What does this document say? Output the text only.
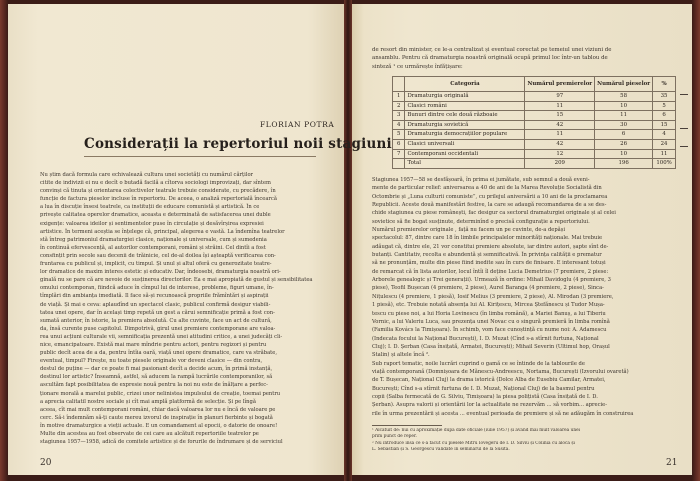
FLORIAN POTRA
Considerații la repertoriul noii stagiuni
Nu știm dacă formula care echivalează cultura unei societăți cu numărul cărților
citite de indivizii ei nu e decît o butadă facilă a cîtorva sociologi improvizați, dar sîntem
convinși că tinuta și orientarea colectivelor teatrale trebuie considerate, cu precădere, în
funcție de factura pieselor incluse în repertoriu. De aceea, o analiză repertorială încearcă
a lua în discuție însesi teatrele, ca instituții de educare comunistă și artistică. În ce
privește calitatea operelor dramatice, aceasta e determinată de satisfacerea unei duble
exigențe: valoarea ideilor și sentimentelor puse în circulație și desăvîrșirea expresiei
artistice. În termeni aceștia se înțelege că, principal, alegerea e vastă. La îndemîna teatrelor
stă întreg patrimoniul dramaturgiei clasice, naționale și universale, cum și sumedenia
în continuă efervescență, al autorilor contemporani, români și străini. Cel dintîi a fost
consfințit prin secole sau decenii de trăinicie, cel de-al doilea își așteaptă verificarea con-
fruntarea cu publicul și, implicit, cu timpul. Și unul și altul oferă cu generozitate teatre-
lor dramatice de maxim interes estetic și educativ. Dar, îndeosebi, dramaturgia noastră ori-
ginală nu se pare că are nevoie de susținerea directorilor. Ea e mai apropiată de gustul și sensibilitatea
omului contemporan, fiindcă aduce în cîmpul lui de interese, probleme, figuri umane, în-
tîmplări din ambianța imediată. Il face să-și recunoască propriile frămîntări și aspirații
de viață. Și mai e ceva: aplaudînd un spectacol clasic, publicul confirmă desigur viabili-
tatea unei opere, dar în același timp repetă un gest a cărui semnificație primă a fost con-
sumată anterior, în istorie, la premiera absolută. Cu alte cuvinte, face un act de cultură,
da, însă curente puse capitolul. Dimpotrivă, girul unei premiere contemporane are valoa-
rea unui acțiuni culturale vii, semnificația prezentă unei atitudini critice, a unei judecăți cli-
nice, emancipatoare. Există mai mare mîndrie pentru actori, pentru regizori și pentru
public decît acea de a da, pentru întîia oară, viață unei opere dramatice, care va străbate,
eventual, timpul? Firește, nu toate piesele originale vor deveni clasice — din contra,
destul de puține — dar ce poate fi mai pasionant decît a decide acum, în primă instanță,
destinul lor artistic? Înseamnă, astfel, să aducem la rampă lucrările contemporanilor, să
ascultăm fapt posibilitatea de expresie nouă pentru la noi nu este de înălțare a perfec-
ționare morală a marelui public, crizei unor nelinistea impulsului de creație, toemai pentru
a aprecia calitatil nostre sociale și cît mai amplă platformă de selecție. Și pe lîngă
aceea, cît mai mult contemporani români, chiar dacă valoarea lor nu e încă de valoare pe
cerc. Să-i îndemnăm să-ți caute mereu izvorul de inspirație în planuri fierbinte și bogată
în motive dramaturgice a vieții actuale. E un comandament al epocii, o datorie de onoare!
Multe din acestea au fost observate de cei care au alcătuit repertoriile teatrelor pe
stagiunea 1957—1958, adică de comitele artistice și de forurile de îndrumare și de serviciul
20
de resort din minister, ce le-a centralizat și eventual corectat pe temeiul unei viziuni de
ansamblu. Pentru că dramaturgia noastră originală ocupă primul loc într-un tablou de
sinteză ¹ ce urmărește înfățișare:
	Categoria	Numărul premierelor	Numărul pieselor	%
1	Dramaturgia originală	97	58	35
2	Clasici români	11	10	5
3	Bunuri dintre cele două războaie	15	11	6
4	Dramaturgia sovietică	42	30	15
5	Dramaturgia democrațiilor populare	11	6	4
6	Clasici universali	42	26	24
7	Contemporani occidentali	12	10	11
	Total	209	196	100%
Stagiunea 1957—58 se desfășoară, în prima ei jumătate, sub semnul a două eveni-
mente de particular relief: aniversarea a 40 de ani de la Marea Revoluție Socialistă din
Octombrie și „Luna culturii comuniste”, cu prilejul aniversării a 10 ani de la proclamarea
Republicii. Aceste două manifestări festive, la care se adaugă recomandarea de a se des-
chide stagiunea cu piese românești, fac desigur ca sectorul dramaturgiei originale și al celei
sovietice să fie bogat susținute, determinînd o precisă configurație a repertoriului.
Numărul premierelor originale , față nu facem un pe cuvinte, de-a depăși
spectacolul: 87, dintre care 18 în limbile principalelor minorități naționale. Mai trebuie
adăugat că, dintre ele, 21 vor constitui premiere absolute, iar dintre autori, șapte sînt de-
butanți. Cantitativ, recolta e abundentă și semnificativă. În privința calității e prematur
să ne pronunțăm, multe din piese fiind inedite sau în curs de finisare. E interesant totuși
de remarcat că în lista autorilor, locul întîi îl deține Lucia Demetrius (7 premiere, 2 piese:
Arborele genealogic și Trei generații). Urmează în ordine: Mihail Davidoglu (4 premiere, 3
piese), Teofil Bușecan (4 premiere, 2 piese), Aurel Baranga (4 premiere, 2 piese), Sinca-
Nițulescu (4 premiere, 1 piesă), Iosif Melius (3 premiere, 2 piese), Al. Mirodan (3 premiere,
1 piesă), etc. Trebuie notată absența lui Al. Kirițescu, Mircea Ștefănescu și Tudor Mușa-
tescu cu piese noi, a lui Horia Lovinescu (în limba română), a Mariei Banuș, a lui Tiberiu
Vornic, a lui Valeriu Luca, sau prezența unei Novac cu o singură premieră în limba romînă
(Familia Kovács la Timișoara). În schimb, vom face cunoștință cu nume noi: A. Adamescu
(Indecata focului la Național București), I. D. Muzat (Cînd s-a stîrnit furtuna, Național
Cluj); I. D. Șerban (Casa însițată, Armatei, București); Mihail Severin (Ultimul hop, Orașul
Stalin) și altele încă ².
Sub raport tematic, noile lucrări cuprind o gamă ce se întinde de la tablourile de
viață contemporană (Domnișoara de Mănescu-Andreescu, Nortama, București (Izvorului ovaretă)
de T. Bușecan, Național Cluj) la drama istorică (Dolce Alba de Eusebiu Camilar, Armatei,
București; Cînd s-a stîrnit furtuna de I. D. Muzat, Național Cluj) de la basmul pentru
copii (Salba fermecată de G. Silviu, Timișoara) la piesa polițistă (Casa însițată de I. D.
Șerban). Asupra valorii și orientării lor la actualitate ne rezervăm ... să vorbim... aprecie-
rile în urma prezentării și acesta ... eventual perioada de premiere și să ne adăugăm în construirea
¹ Alcătuit de: nui cu aproximație după date oficiale (iulie 1957) și având mai mult valoarea unei
prim punct de reper.
² Nu introduce însă ce s-a făcut cu piesele Mitru Iovegeru de I. D. Silviu și Colinia cu alocă și
L. Sebastian și S. Georgescu validate în seminarul de la Susita.
21
